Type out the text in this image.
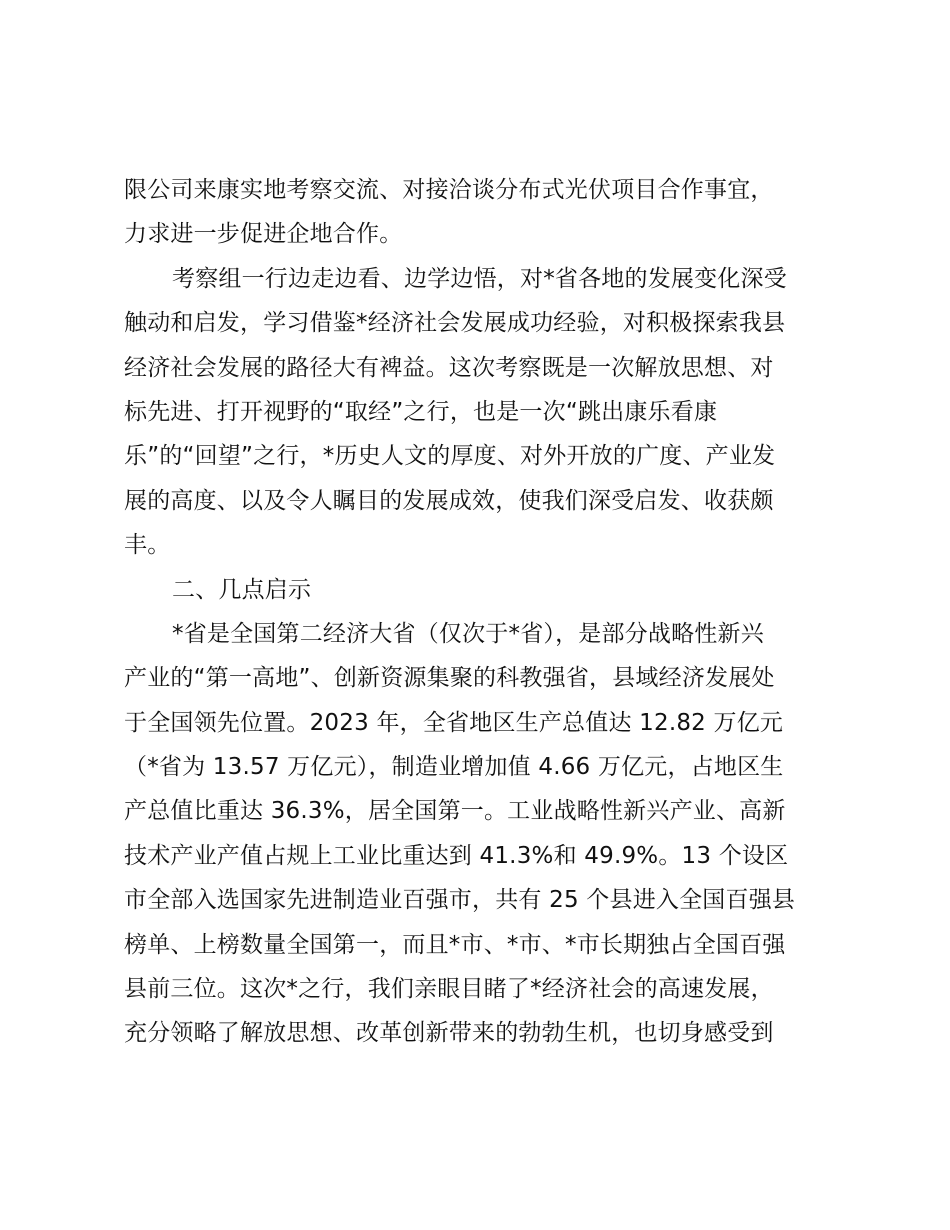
限公司来康实地考察交流、对接洽谈分布式光伏项目合作事宜，
力求进一步促进企地合作。
考察组一行边走边看、边学边悟，对*省各地的发展变化深受
触动和启发，学习借鉴*经济社会发展成功经验，对积极探索我县
经济社会发展的路径大有裨益。这次考察既是一次解放思想、对
标先进、打开视野的“取经”之行，也是一次“跳出康乐看康
乐”的“回望”之行，*历史人文的厚度、对外开放的广度、产业发
展的高度、以及令人瞩目的发展成效，使我们深受启发、收获颇
丰。
二、几点启示
*省是全国第二经济大省（仅次于*省），是部分战略性新兴
产业的“第一高地”、创新资源集聚的科教强省，县域经济发展处
于全国领先位置。2023 年，全省地区生产总值达 12.82 万亿元
（*省为 13.57 万亿元），制造业增加值 4.66 万亿元，占地区生
产总值比重达 36.3%，居全国第一。工业战略性新兴产业、高新
技术产业产值占规上工业比重达到 41.3%和 49.9%。13 个设区
市全部入选国家先进制造业百强市，共有 25 个县进入全国百强县
榜单、上榜数量全国第一，而且*市、*市、*市长期独占全国百强
县前三位。这次*之行，我们亲眼目睹了*经济社会的高速发展，
充分领略了解放思想、改革创新带来的勃勃生机，也切身感受到
